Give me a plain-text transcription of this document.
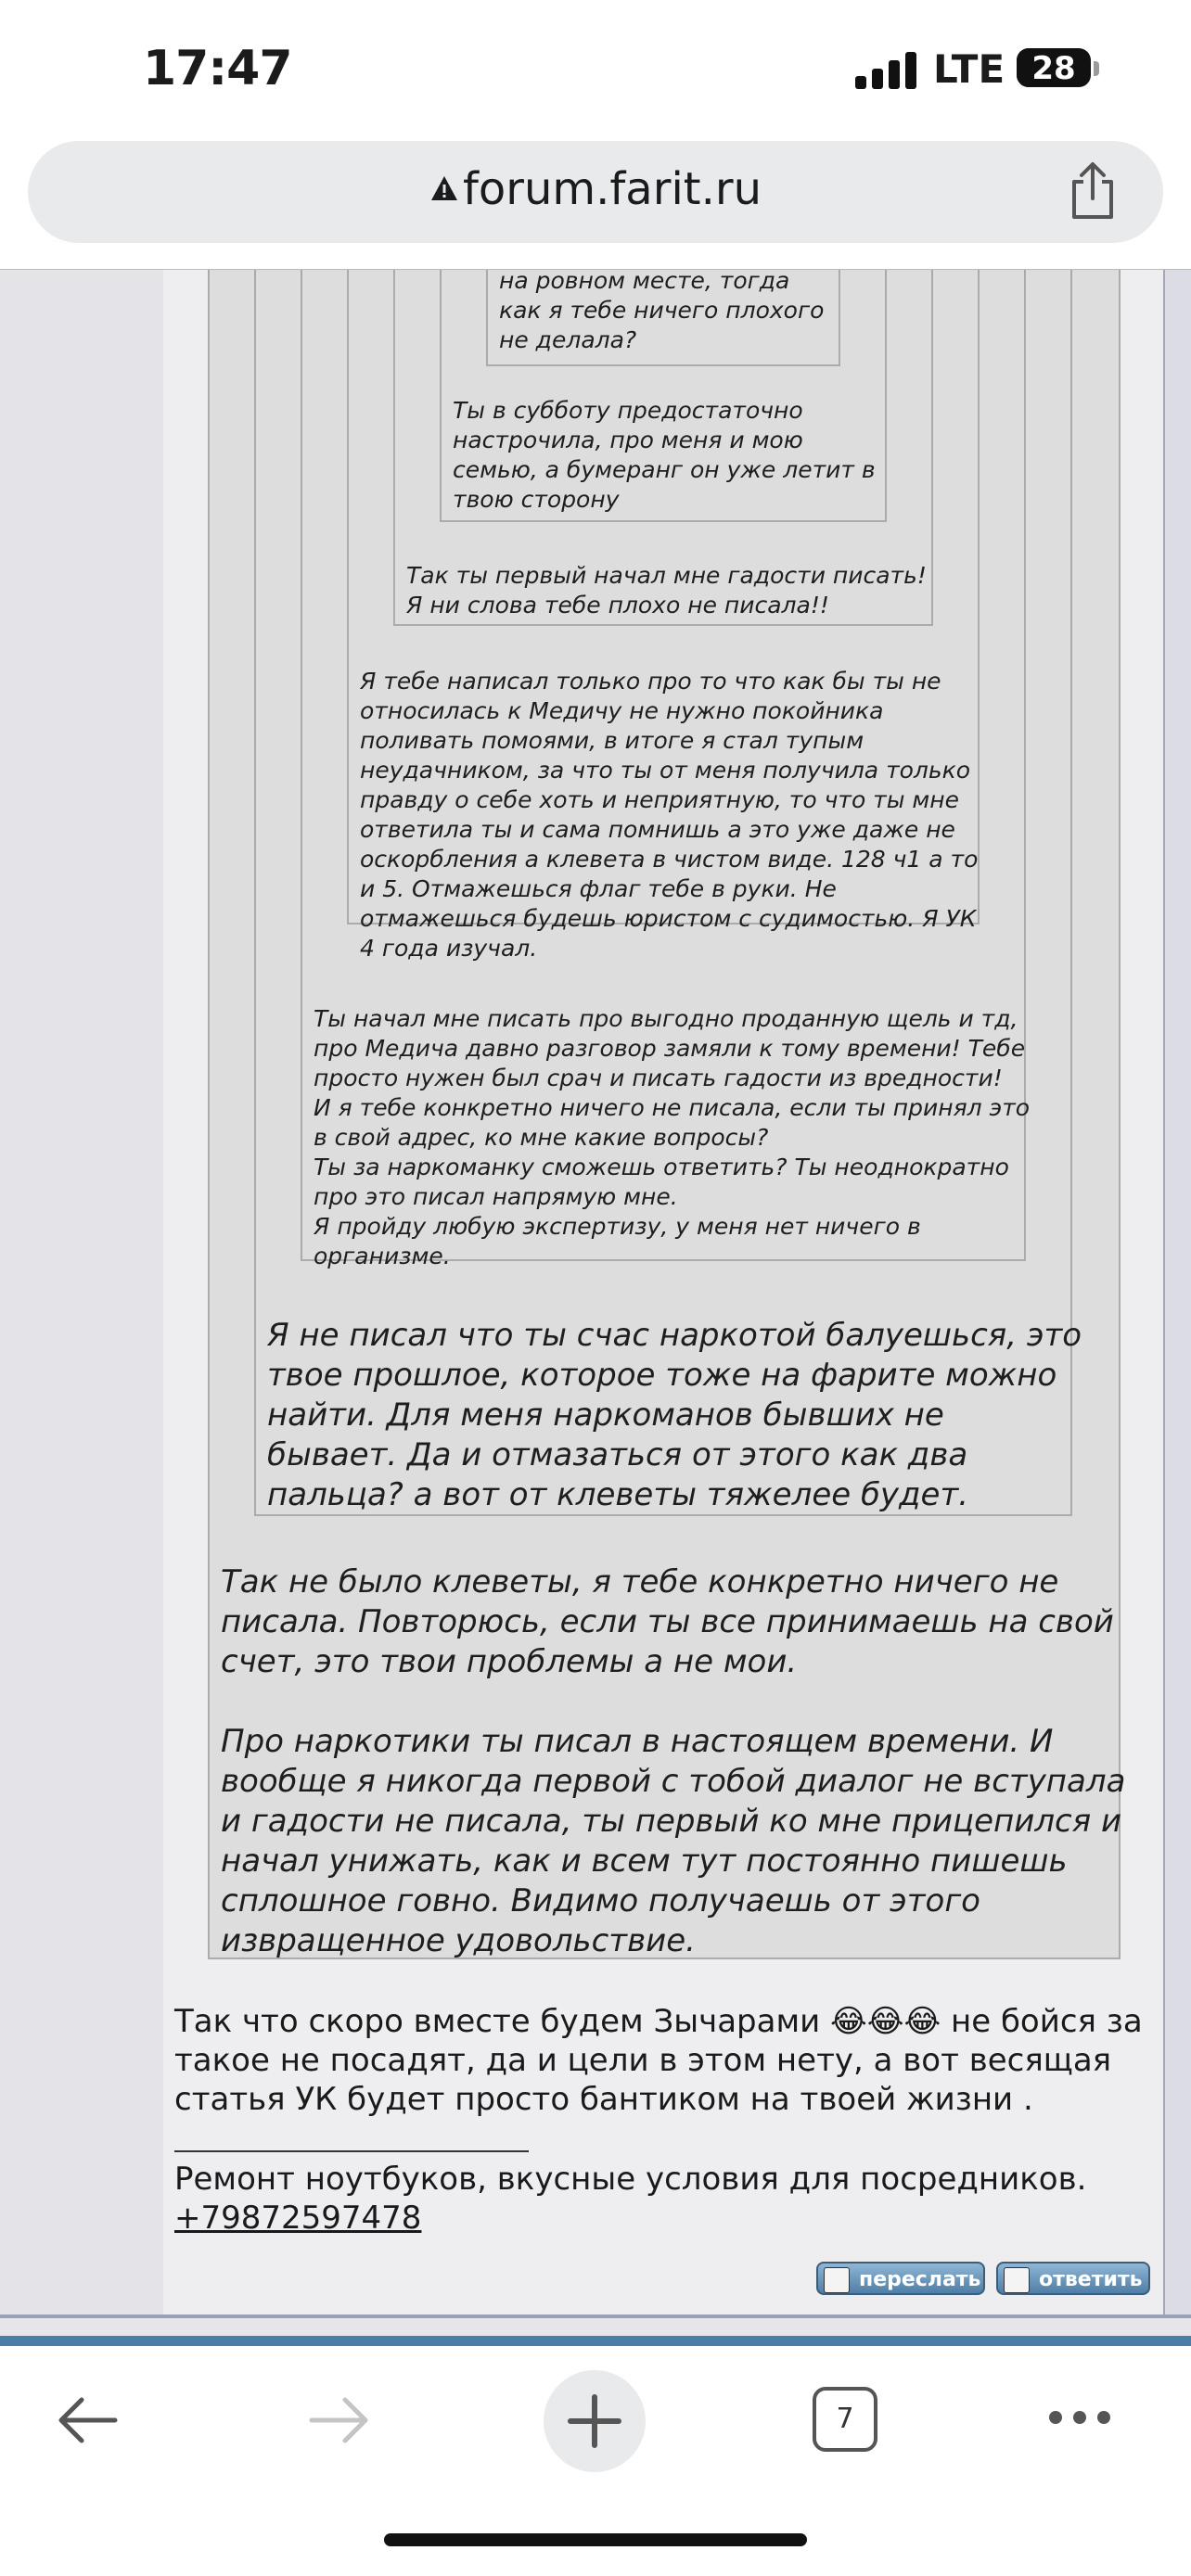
17:47	LTE 28
forum.farit.ru
на ровном месте, тогда
как я тебе ничего плохого
не делала?
Ты в субботу предостаточно
настрочила, про меня и мою
семью, а бумеранг он уже летит в
твою сторону
Так ты первый начал мне гадости писать!
Я ни слова тебе плохо не писала!!
Я тебе написал только про то что как бы ты не
относилась к Медичу не нужно покойника
поливать помоями, в итоге я стал тупым
неудачником, за что ты от меня получила только
правду о себе хоть и неприятную, то что ты мне
ответила ты и сама помнишь а это уже даже не
оскорбления а клевета в чистом виде. 128 ч1 а то
и 5. Отмажешься флаг тебе в руки. Не
отмажешься будешь юристом с судимостью. Я УК
4 года изучал.
Ты начал мне писать про выгодно проданную щель и тд,
про Медича давно разговор замяли к тому времени! Тебе
просто нужен был срач и писать гадости из вредности!
И я тебе конкретно ничего не писала, если ты принял это
в свой адрес, ко мне какие вопросы?
Ты за наркоманку сможешь ответить? Ты неоднократно
про это писал напрямую мне.
Я пройду любую экспертизу, у меня нет ничего в
организме.
Я не писал что ты счас наркотой балуешься, это
твое прошлое, которое тоже на фарите можно
найти. Для меня наркоманов бывших не
бывает. Да и отмазаться от этого как два
пальца? а вот от клеветы тяжелее будет.
Так не было клеветы, я тебе конкретно ничего не
писала. Повторюсь, если ты все принимаешь на свой
счет, это твои проблемы а не мои.

Про наркотики ты писал в настоящем времени. И
вообще я никогда первой с тобой диалог не вступала
и гадости не писала, ты первый ко мне прицепился и
начал унижать, как и всем тут постоянно пишешь
сплошное говно. Видимо получаешь от этого
извращенное удовольствие.
Так что скоро вместе будем Зычарами 😂😂😂 не бойся за
такое не посадят, да и цели в этом нету, а вот весящая
статья УК будет просто бантиком на твоей жизни .
Ремонт ноутбуков, вкусные условия для посредников.
+79872597478
переслать	ответить
7
